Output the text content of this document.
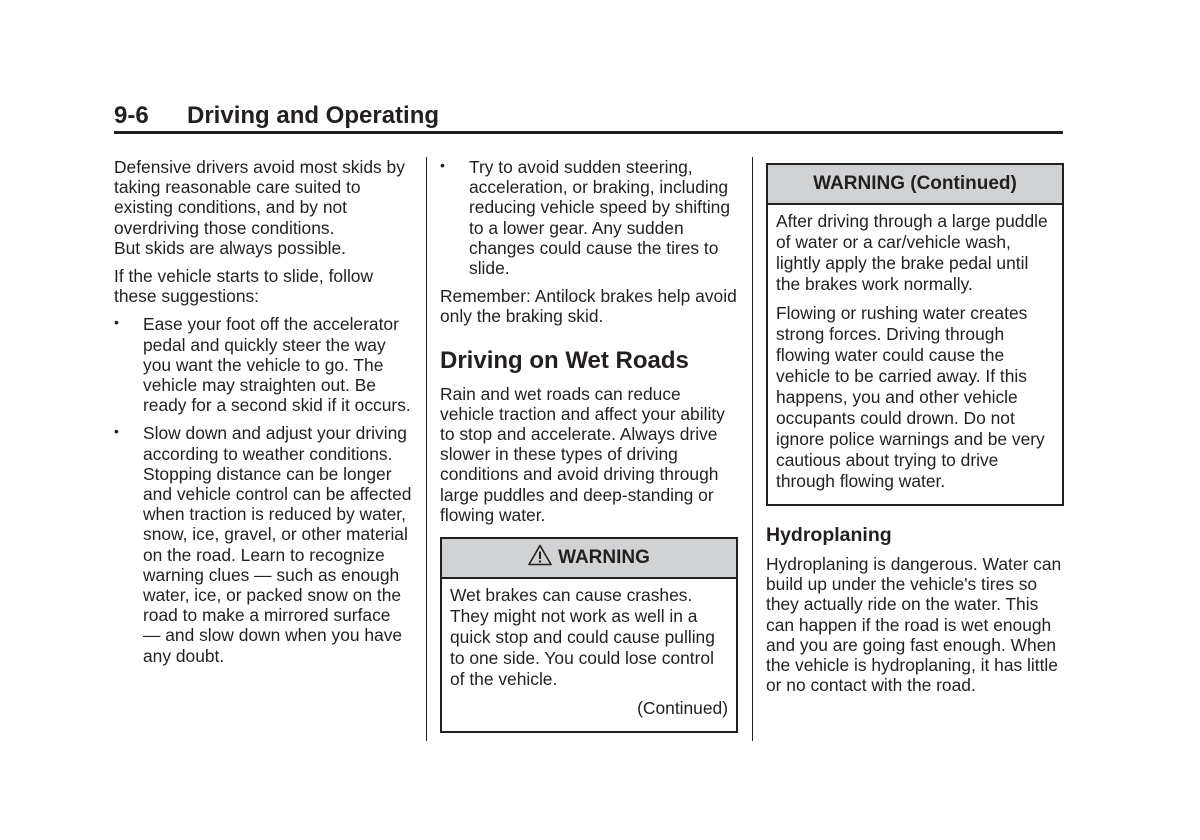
9-6 Driving and Operating

Defensive drivers avoid most skids by taking reasonable care suited to existing conditions, and by not overdriving those conditions.

But skids are always possible.

If the vehicle starts to slide, follow these suggestions:

• Ease your foot off the accelerator pedal and quickly steer the way you want the vehicle to go. The vehicle may straighten out. Be ready for a second skid if it occurs.
• Slow down and adjust your driving according to weather conditions. Stopping distance can be longer and vehicle control can be affected when traction is reduced by water, snow, ice, gravel, or other material on the road. Learn to recognize warning clues — such as enough water, ice, or packed snow on the road to make a mirrored surface — and slow down when you have any doubt.
• Try to avoid sudden steering, acceleration, or braking, including reducing vehicle speed by shifting to a lower gear. Any sudden changes could cause the tires to slide.

Remember: Antilock brakes help avoid only the braking skid.

Driving on Wet Roads

Rain and wet roads can reduce vehicle traction and affect your ability to stop and accelerate. Always drive slower in these types of driving conditions and avoid driving through large puddles and deep-standing or flowing water.

WARNING

Wet brakes can cause crashes. They might not work as well in a quick stop and could cause pulling to one side. You could lose control of the vehicle.

(Continued)

WARNING (Continued)

After driving through a large puddle of water or a car/vehicle wash, lightly apply the brake pedal until the brakes work normally.

Flowing or rushing water creates strong forces. Driving through flowing water could cause the vehicle to be carried away. If this happens, you and other vehicle occupants could drown. Do not ignore police warnings and be very cautious about trying to drive through flowing water.

Hydroplaning

Hydroplaning is dangerous. Water can build up under the vehicle's tires so they actually ride on the water. This can happen if the road is wet enough and you are going fast enough. When the vehicle is hydroplaning, it has little or no contact with the road.
